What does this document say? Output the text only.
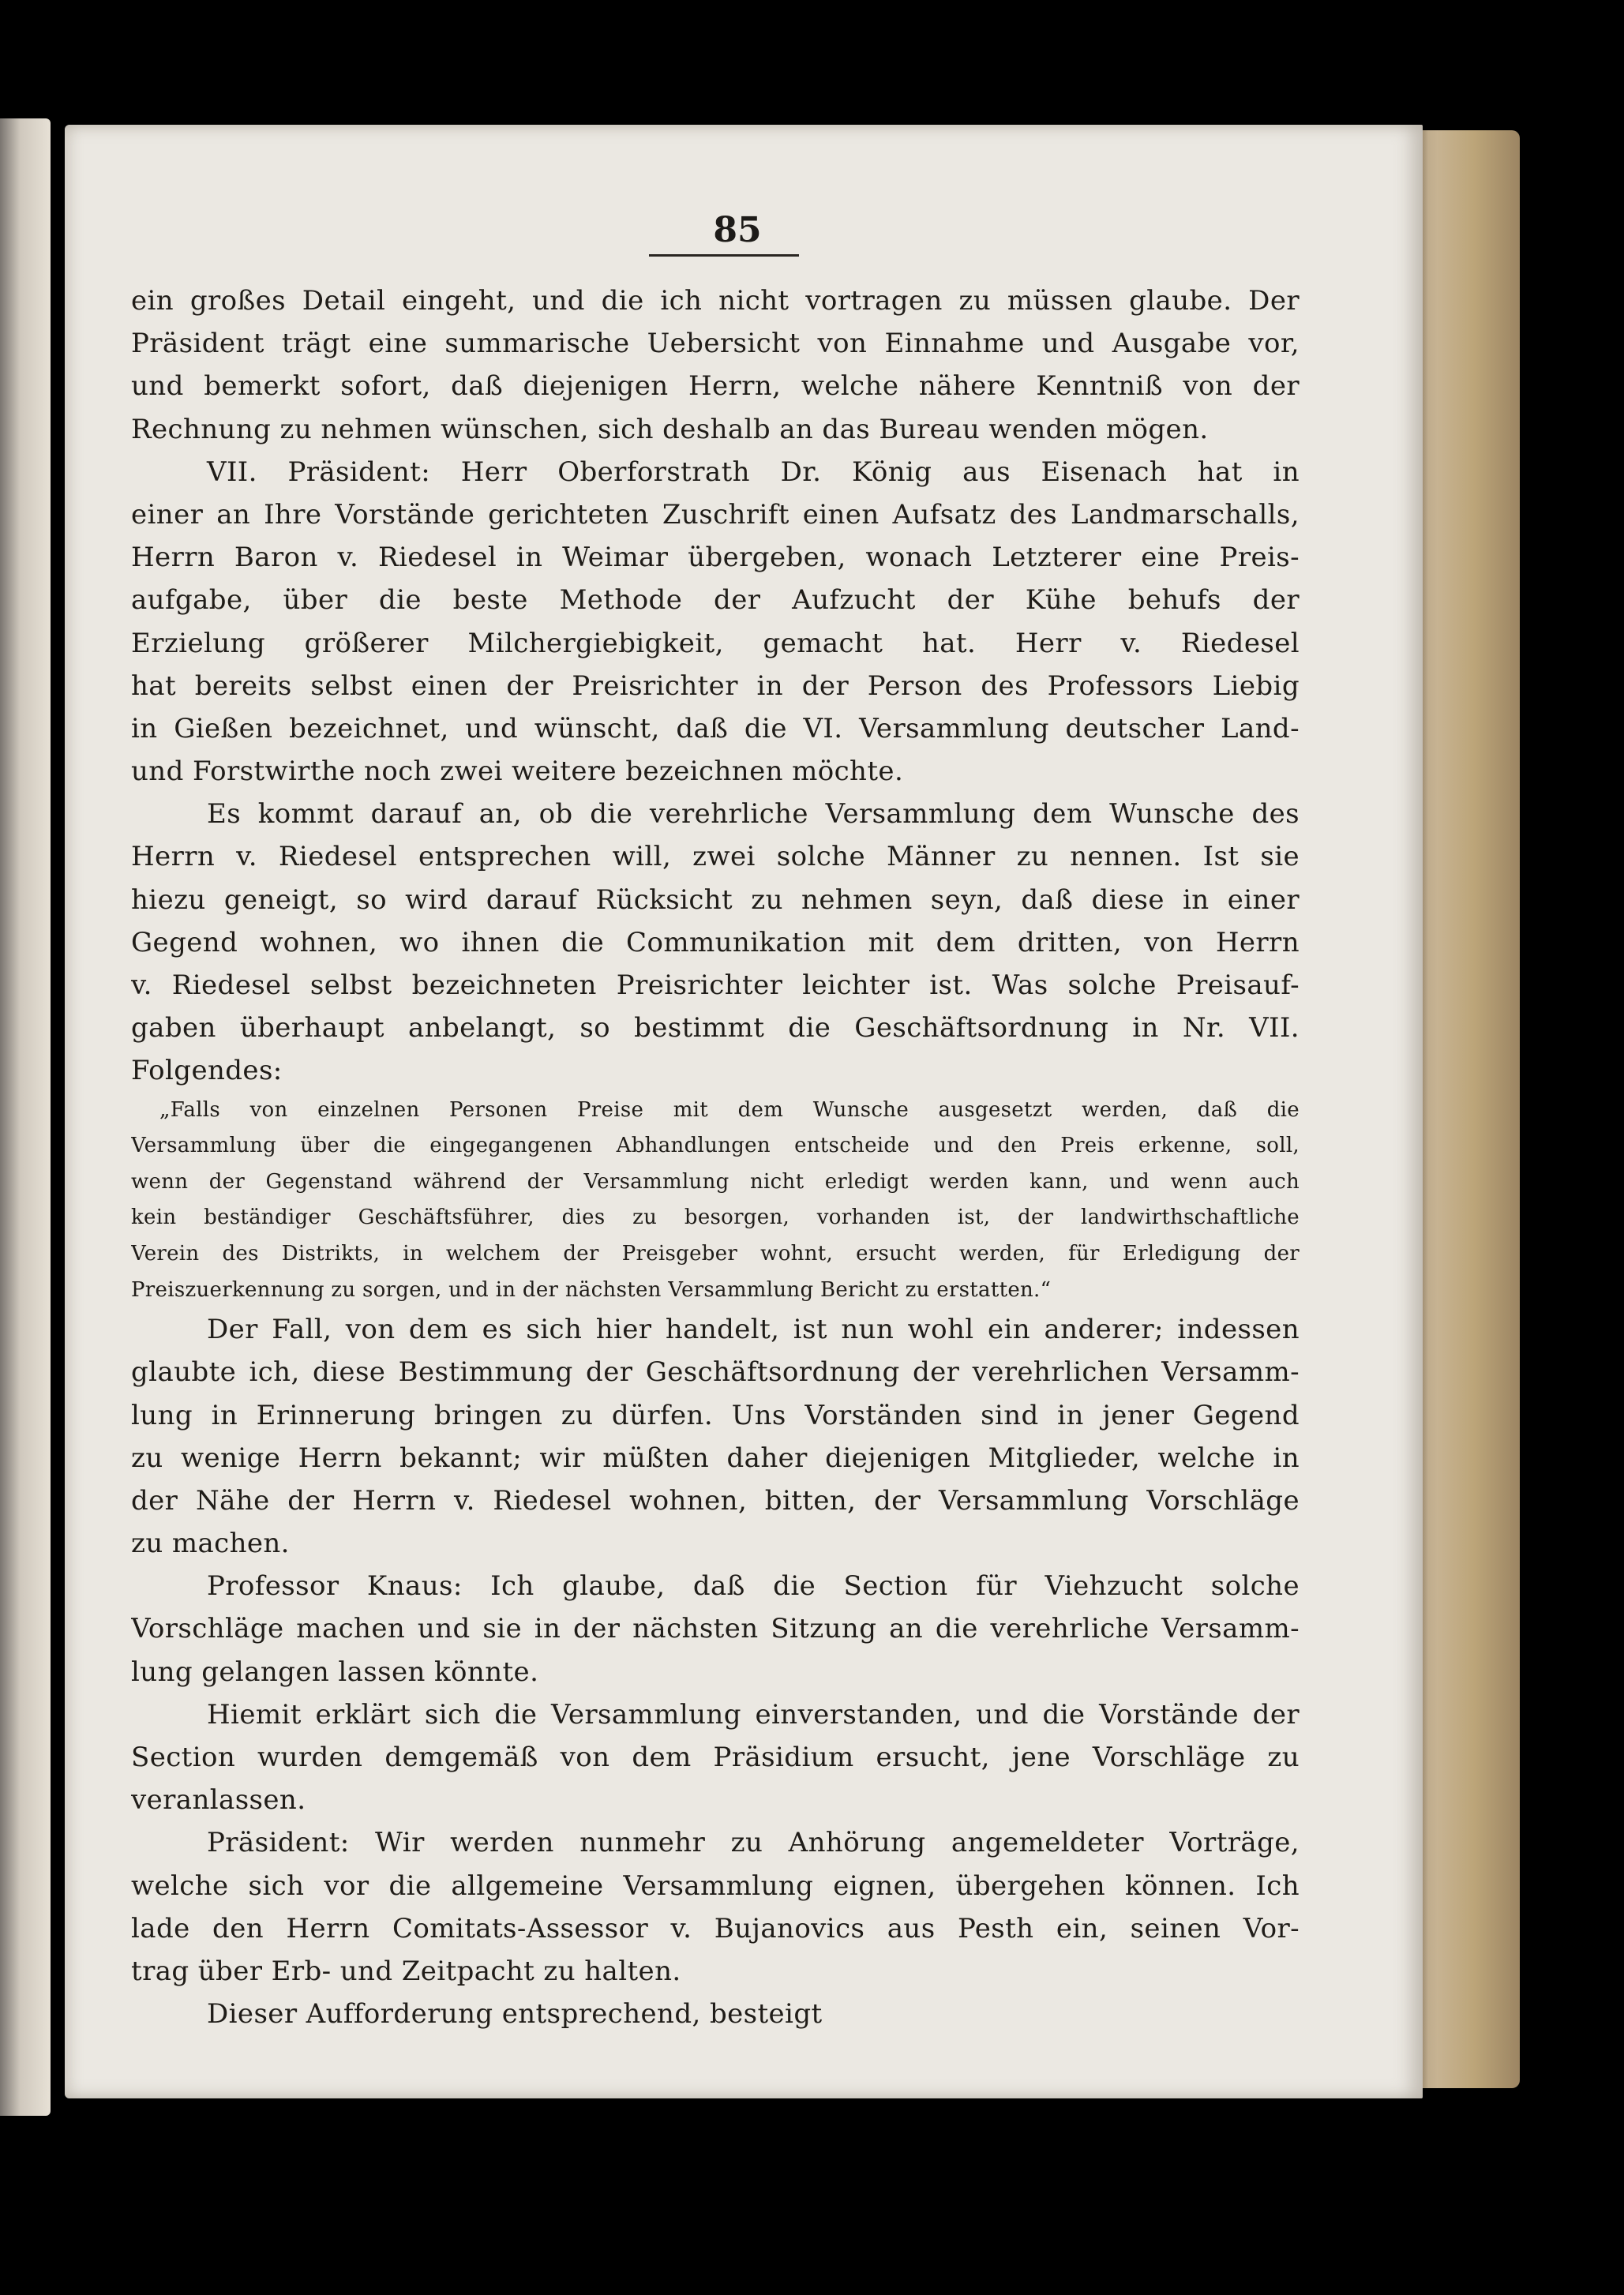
85
ein großes Detail eingeht, und die ich nicht vortragen zu müssen glaube. Der
Präsident trägt eine summarische Uebersicht von Einnahme und Ausgabe vor,
und bemerkt sofort, daß diejenigen Herrn, welche nähere Kenntniß von der
Rechnung zu nehmen wünschen, sich deshalb an das Bureau wenden mögen.
VII. Präsident: Herr Oberforstrath Dr. König aus Eisenach hat in
einer an Ihre Vorstände gerichteten Zuschrift einen Aufsatz des Landmarschalls,
Herrn Baron v. Riedesel in Weimar übergeben, wonach Letzterer eine Preis-
aufgabe, über die beste Methode der Aufzucht der Kühe behufs der
Erzielung größerer Milchergiebigkeit, gemacht hat. Herr v. Riedesel
hat bereits selbst einen der Preisrichter in der Person des Professors Liebig
in Gießen bezeichnet, und wünscht, daß die VI. Versammlung deutscher Land-
und Forstwirthe noch zwei weitere bezeichnen möchte.
Es kommt darauf an, ob die verehrliche Versammlung dem Wunsche des
Herrn v. Riedesel entsprechen will, zwei solche Männer zu nennen. Ist sie
hiezu geneigt, so wird darauf Rücksicht zu nehmen seyn, daß diese in einer
Gegend wohnen, wo ihnen die Communikation mit dem dritten, von Herrn
v. Riedesel selbst bezeichneten Preisrichter leichter ist. Was solche Preisauf-
gaben überhaupt anbelangt, so bestimmt die Geschäftsordnung in Nr. VII.
Folgendes:
„Falls von einzelnen Personen Preise mit dem Wunsche ausgesetzt werden, daß die
Versammlung über die eingegangenen Abhandlungen entscheide und den Preis erkenne, soll,
wenn der Gegenstand während der Versammlung nicht erledigt werden kann, und wenn auch
kein beständiger Geschäftsführer, dies zu besorgen, vorhanden ist, der landwirthschaftliche
Verein des Distrikts, in welchem der Preisgeber wohnt, ersucht werden, für Erledigung der
Preiszuerkennung zu sorgen, und in der nächsten Versammlung Bericht zu erstatten.“
Der Fall, von dem es sich hier handelt, ist nun wohl ein anderer; indessen
glaubte ich, diese Bestimmung der Geschäftsordnung der verehrlichen Versamm-
lung in Erinnerung bringen zu dürfen. Uns Vorständen sind in jener Gegend
zu wenige Herrn bekannt; wir müßten daher diejenigen Mitglieder, welche in
der Nähe der Herrn v. Riedesel wohnen, bitten, der Versammlung Vorschläge
zu machen.
Professor Knaus: Ich glaube, daß die Section für Viehzucht solche
Vorschläge machen und sie in der nächsten Sitzung an die verehrliche Versamm-
lung gelangen lassen könnte.
Hiemit erklärt sich die Versammlung einverstanden, und die Vorstände der
Section wurden demgemäß von dem Präsidium ersucht, jene Vorschläge zu
veranlassen.
Präsident: Wir werden nunmehr zu Anhörung angemeldeter Vorträge,
welche sich vor die allgemeine Versammlung eignen, übergehen können. Ich
lade den Herrn Comitats-Assessor v. Bujanovics aus Pesth ein, seinen Vor-
trag über Erb- und Zeitpacht zu halten.
Dieser Aufforderung entsprechend, besteigt
